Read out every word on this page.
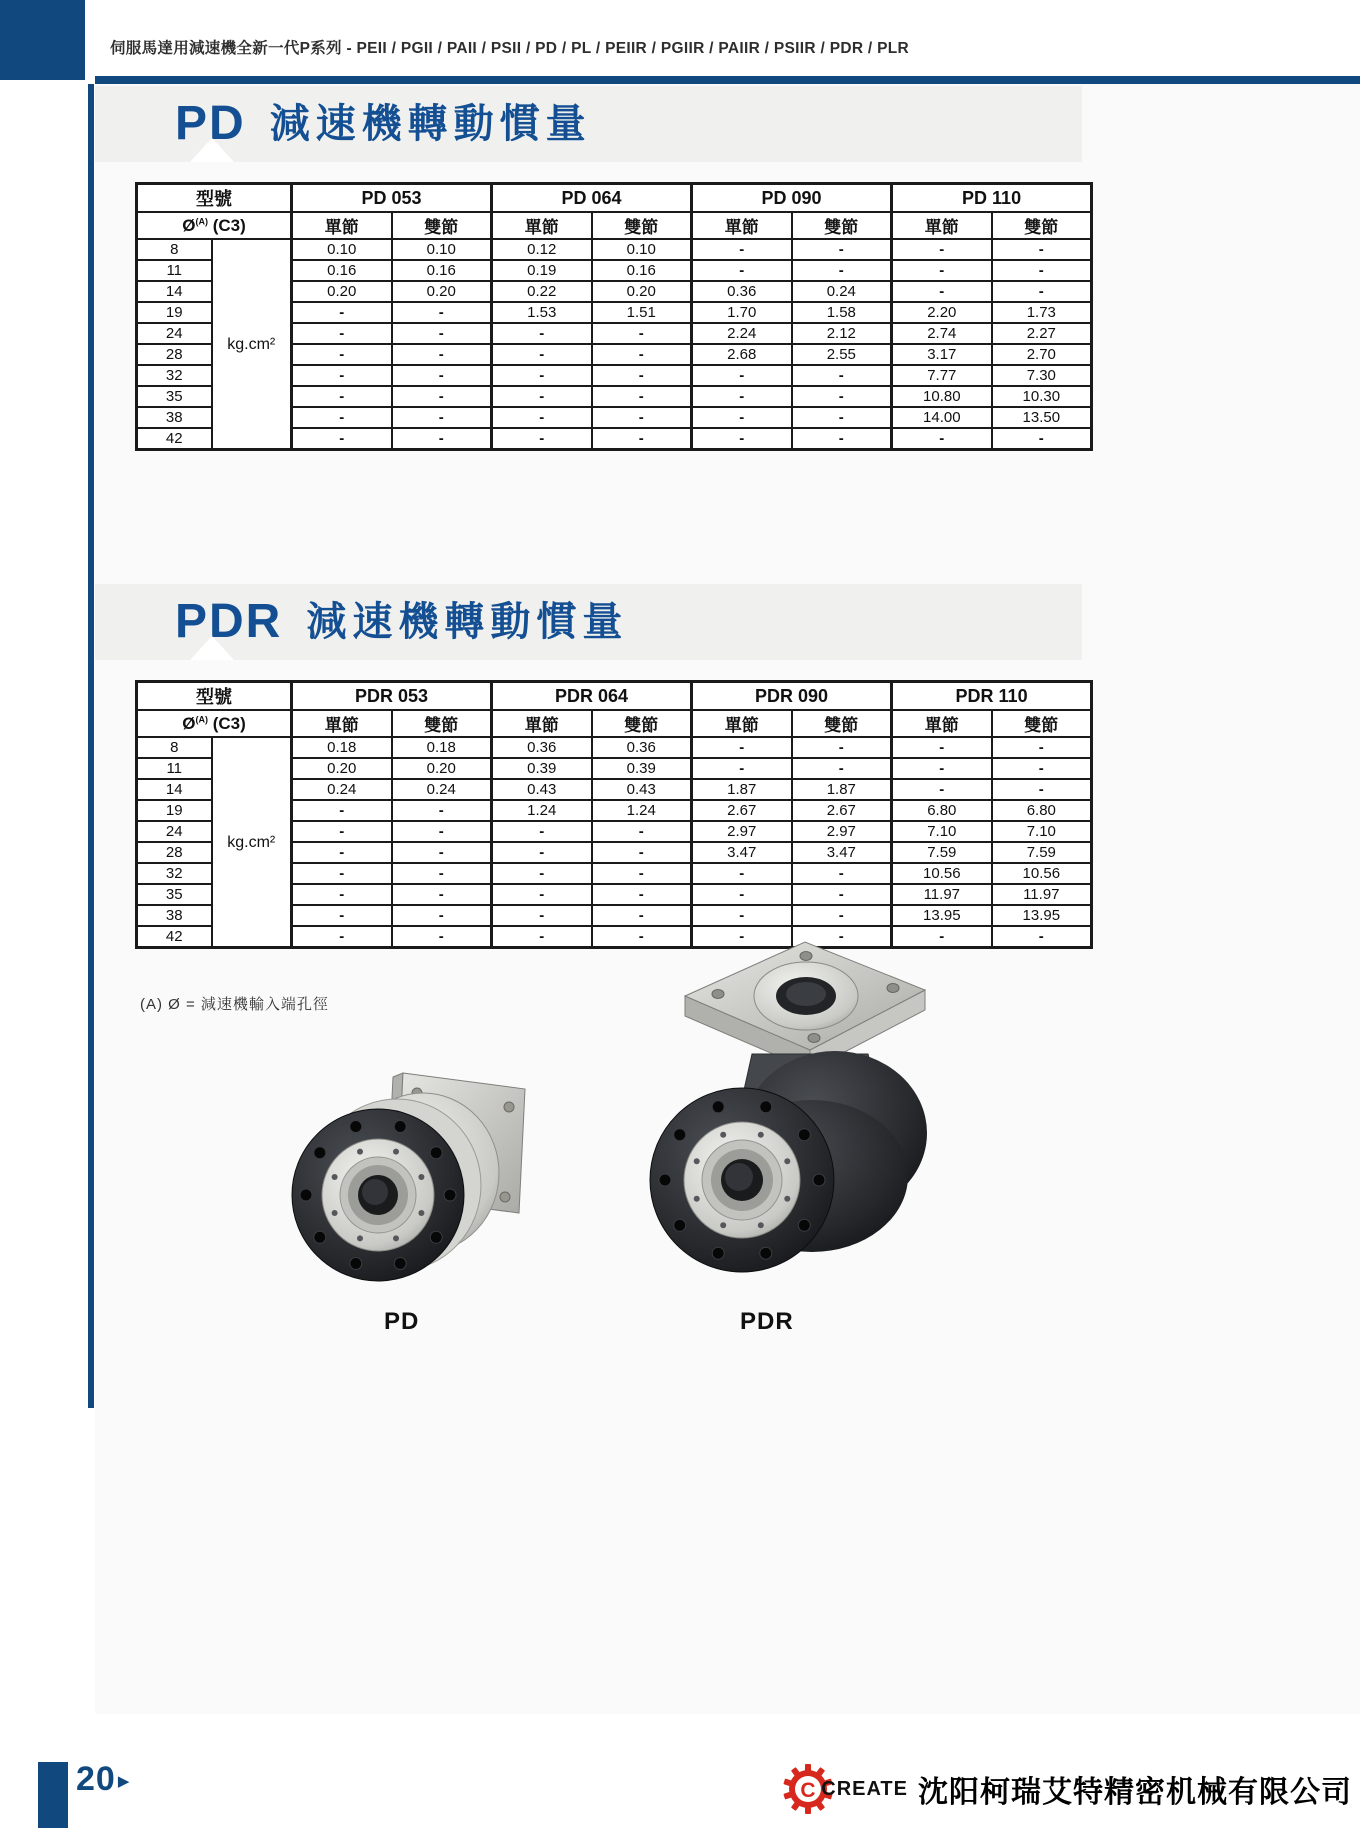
伺服馬達用減速機全新一代P系列 - PEII / PGII / PAII / PSII / PD / PL / PEIIR / PGIIR / PAIIR / PSIIR / PDR / PLR
PD 減速機轉動慣量
型號		PD 053		PD 064		PD 090		PD 110	
$Ø^{(A)}$ (C3)		單節	雙節	單節	雙節	單節	雙節	單節	雙節
8	kg.cm²	0.10	0.10	0.12	0.10	-	-	-	-
11		0.16	0.16	0.19	0.16	-	-	-	-
14		0.20	0.20	0.22	0.20	0.36	0.24	-	-
19		-	-	1.53	1.51	1.70	1.58	2.20	1.73
24		-	-	-	-	2.24	2.12	2.74	2.27
28		-	-	-	-	2.68	2.55	3.17	2.70
32		-	-	-	-	-	-	7.77	7.30
35		-	-	-	-	-	-	10.80	10.30
38		-	-	-	-	-	-	14.00	13.50
42		-	-	-	-	-	-	-	-
PDR 減速機轉動慣量
型號		PDR 053		PDR 064		PDR 090		PDR 110	
$Ø^{(A)}$ (C3)		單節	雙節	單節	雙節	單節	雙節	單節	雙節
8	kg.cm²	0.18	0.18	0.36	0.36	-	-	-	-
11		0.20	0.20	0.39	0.39	-	-	-	-
14		0.24	0.24	0.43	0.43	1.87	1.87	-	-
19		-	-	1.24	1.24	2.67	2.67	6.80	6.80
24		-	-	-	-	2.97	2.97	7.10	7.10
28		-	-	-	-	3.47	3.47	7.59	7.59
32		-	-	-	-	-	-	10.56	10.56
35		-	-	-	-	-	-	11.97	11.97
38		-	-	-	-	-	-	13.95	13.95
42		-	-	-	-	-	-	-	-
(A) Ø = 減速機輸入端孔徑
PD	PDR
20 ▶	C CREATE 沈阳柯瑞艾特精密机械有限公司
